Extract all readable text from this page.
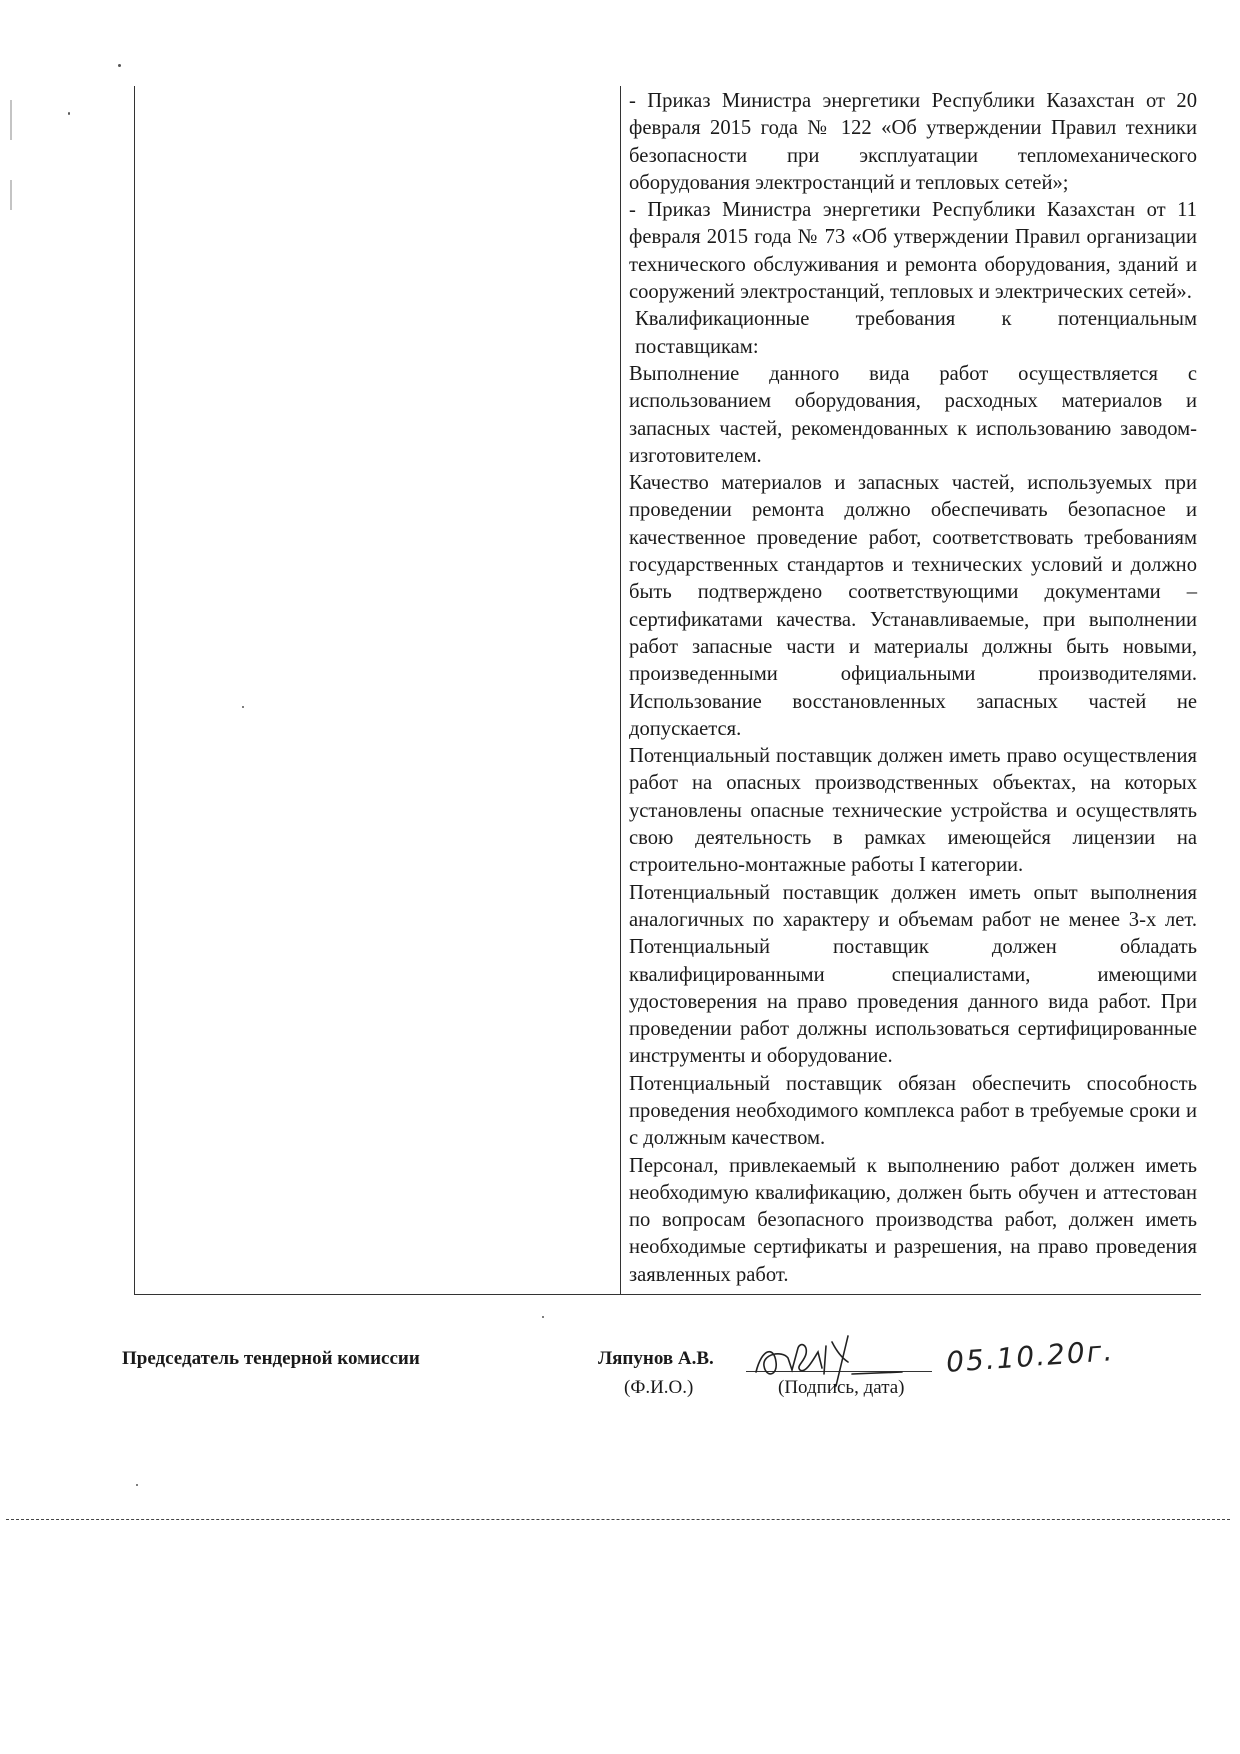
- Приказ Министра энергетики Республики Казахстан от 20 февраля 2015 года № 122 «Об утверждении Правил техники безопасности при эксплуатации тепломеханического оборудования электростанций и тепловых сетей»;

- Приказ Министра энергетики Республики Казахстан от 11 февраля 2015 года № 73 «Об утверждении Правил организации технического обслуживания и ремонта оборудования, зданий и сооружений электростанций, тепловых и электрических сетей».

Квалификационные требования к потенциальным поставщикам:

Выполнение данного вида работ осуществляется с использованием оборудования, расходных материалов и запасных частей, рекомендованных к использованию заводом-изготовителем.

Качество материалов и запасных частей, используемых при проведении ремонта должно обеспечивать безопасное и качественное проведение работ, соответствовать требованиям государственных стандартов и технических условий и должно быть подтверждено соответствующими документами – сертификатами качества. Устанавливаемые, при выполнении работ запасные части и материалы должны быть новыми, произведенными официальными производителями. Использование восстановленных запасных частей не допускается.

Потенциальный поставщик должен иметь право осуществления работ на опасных производственных объектах, на которых установлены опасные технические устройства и осуществлять свою деятельность в рамках имеющейся лицензии на строительно-монтажные работы I категории.

Потенциальный поставщик должен иметь опыт выполнения аналогичных по характеру и объемам работ не менее 3-х лет. Потенциальный поставщик должен обладать квалифицированными специалистами, имеющими удостоверения на право проведения данного вида работ. При проведении работ должны использоваться сертифицированные инструменты и оборудование.

Потенциальный поставщик обязан обеспечить способность проведения необходимого комплекса работ в требуемые сроки и с должным качеством.

Персонал, привлекаемый к выполнению работ должен иметь необходимую квалификацию, должен быть обучен и аттестован по вопросам безопасного производства работ, должен иметь необходимые сертификаты и разрешения, на право проведения заявленных работ.

Председатель тендерной комиссии	Ляпунов А.В.	05.10.20г.
(Ф.И.О.)	(Подпись, дата)
